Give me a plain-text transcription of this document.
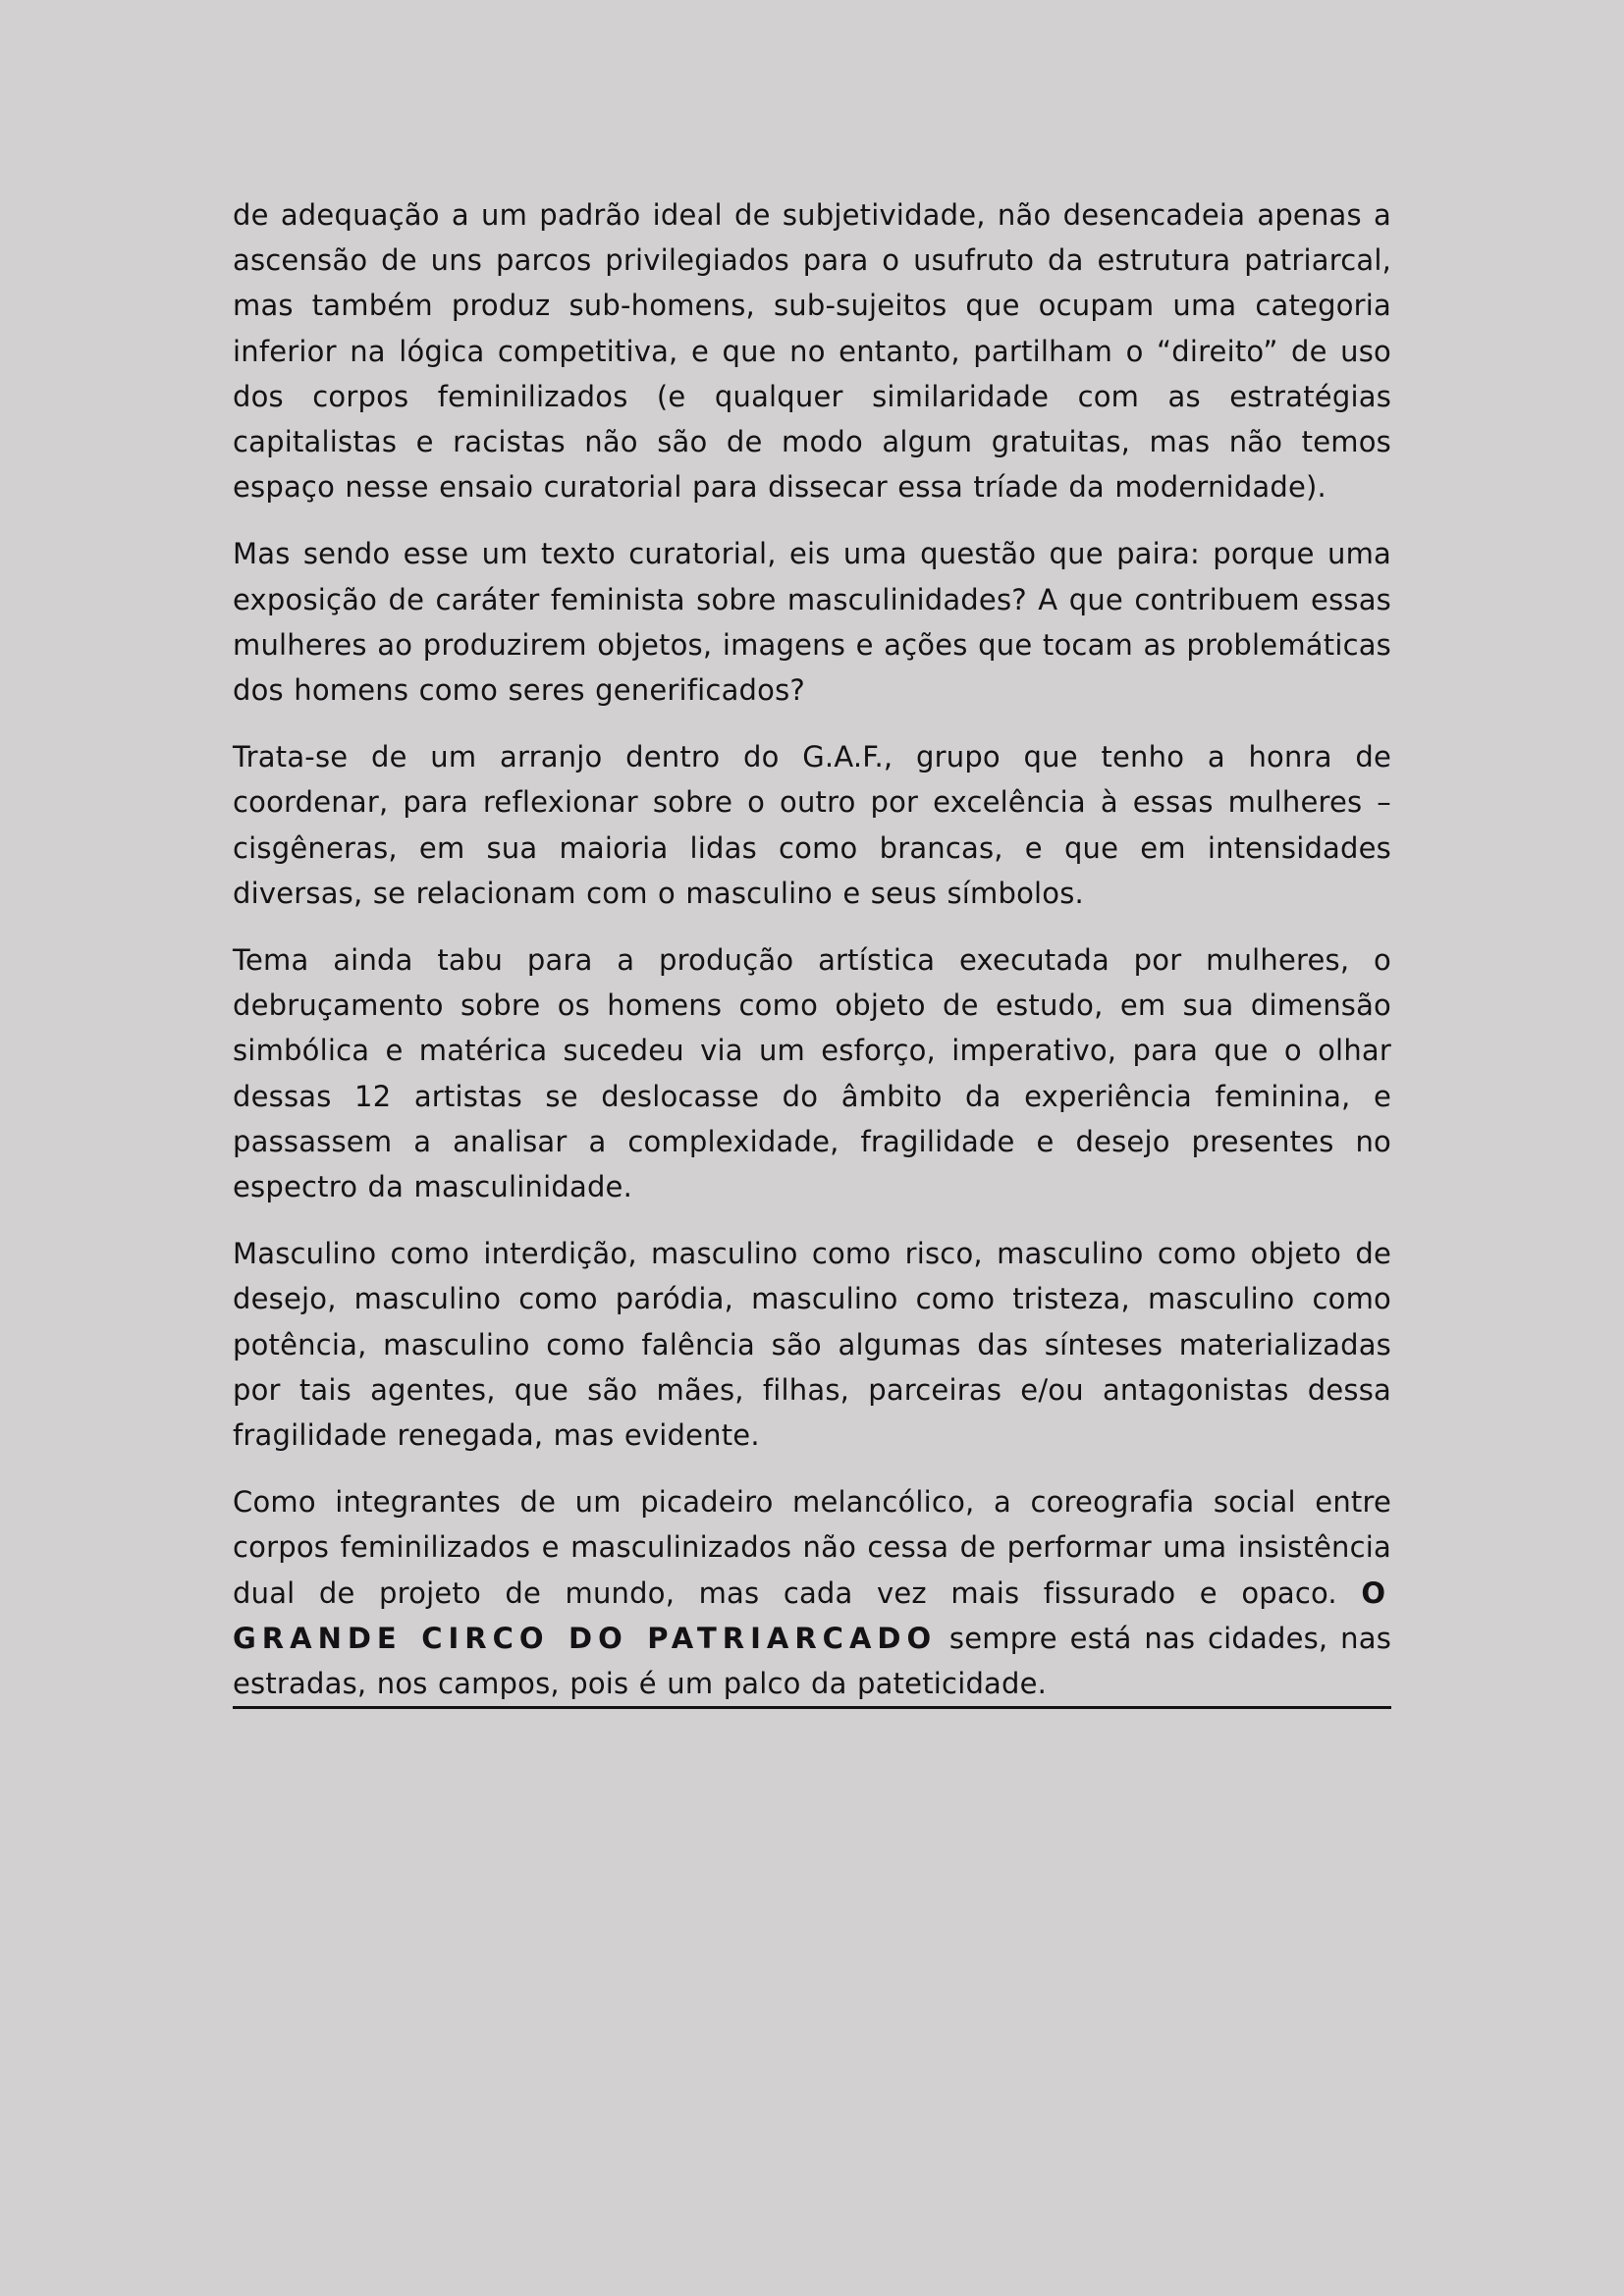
de adequação a um padrão ideal de subjetividade, não desencadeia apenas a ascensão de uns parcos privilegiados para o usufruto da estrutura patriarcal, mas também produz sub-homens, sub-sujeitos que ocupam uma categoria inferior na lógica competitiva, e que no entanto, partilham o “direito” de uso dos corpos feminilizados (e qualquer similaridade com as estratégias capitalistas e racistas não são de modo algum gratuitas, mas não temos espaço nesse ensaio curatorial para dissecar essa tríade da modernidade).

Mas sendo esse um texto curatorial, eis uma questão que paira: porque uma exposição de caráter feminista sobre masculinidades? A que contribuem essas mulheres ao produzirem objetos, imagens e ações que tocam as problemáticas dos homens como seres generificados?

Trata-se de um arranjo dentro do G.A.F., grupo que tenho a honra de coordenar, para reflexionar sobre o outro por excelência à essas mulheres – cisgêneras, em sua maioria lidas como brancas, e que em intensidades diversas, se relacionam com o masculino e seus símbolos.

Tema ainda tabu para a produção artística executada por mulheres, o debruçamento sobre os homens como objeto de estudo, em sua dimensão simbólica e matérica sucedeu via um esforço, imperativo, para que o olhar dessas 12 artistas se deslocasse do âmbito da experiência feminina, e passassem a analisar a complexidade, fragilidade e desejo presentes no espectro da masculinidade.

Masculino como interdição, masculino como risco, masculino como objeto de desejo, masculino como paródia, masculino como tristeza, masculino como potência, masculino como falência são algumas das sínteses materializadas por tais agentes, que são mães, filhas, parceiras e/ou antagonistas dessa fragilidade renegada, mas evidente.

Como integrantes de um picadeiro melancólico, a coreografia social entre corpos feminilizados e masculinizados não cessa de performar uma insistência dual de projeto de mundo, mas cada vez mais fissurado e opaco. O GRANDE CIRCO DO PATRIARCADO sempre está nas cidades, nas estradas, nos campos, pois é um palco da pateticidade.
